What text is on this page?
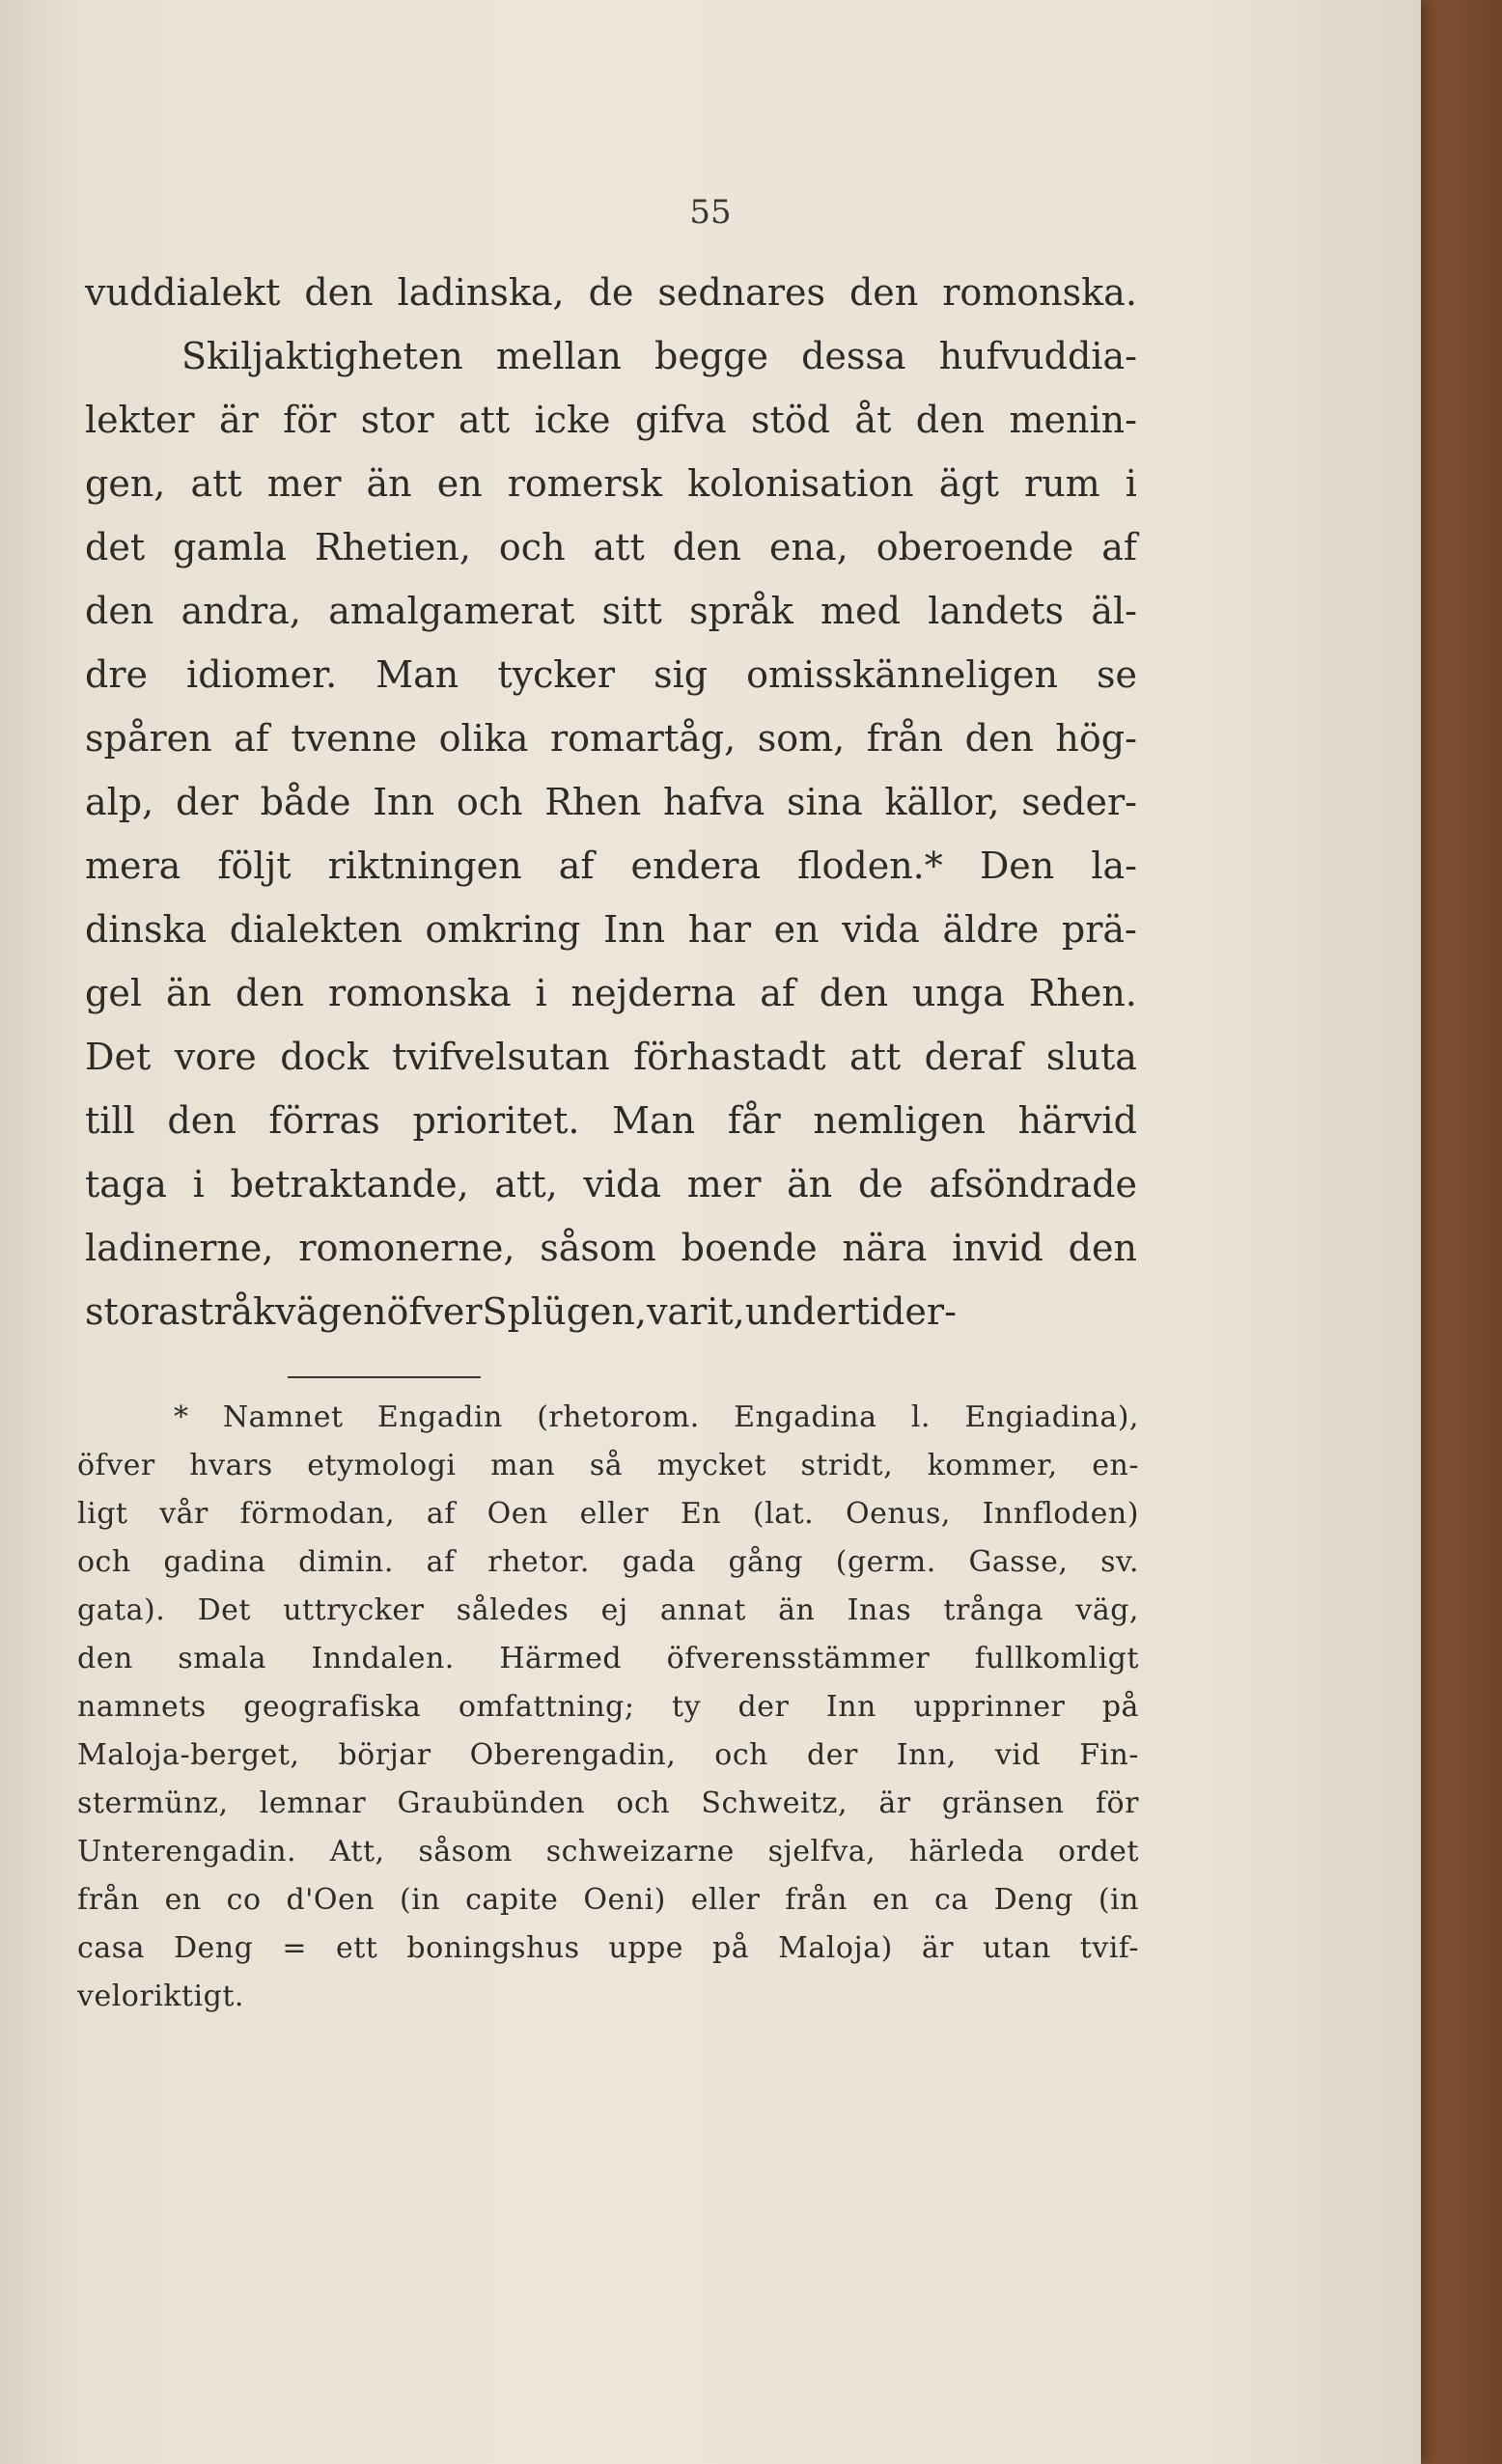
55
vuddialekt den ladinska, de sednares den romonska.
Skiljaktigheten mellan begge dessa hufvuddia-
lekter är för stor att icke gifva stöd åt den menin-
gen, att mer än en romersk kolonisation ägt rum i
det gamla Rhetien, och att den ena, oberoende af
den andra, amalgamerat sitt språk med landets äl-
dre idiomer. Man tycker sig omisskänneligen se
spåren af tvenne olika romartåg, som, från den hög-
alp, der både Inn och Rhen hafva sina källor, seder-
mera följt riktningen af endera floden.* Den la-
dinska dialekten omkring Inn har en vida äldre prä-
gel än den romonska i nejderna af den unga Rhen.
Det vore dock tvifvelsutan förhastadt att deraf sluta
till den förras prioritet. Man får nemligen härvid
taga i betraktande, att, vida mer än de afsöndrade
ladinerne, romonerne, såsom boende nära invid den
stora stråkvägen öfver Splügen, varit, under tider-
* Namnet Engadin (rhetorom. Engadina l. Engiadina),
öfver hvars etymologi man så mycket stridt, kommer, en-
ligt vår förmodan, af Oen eller En (lat. Oenus, Innfloden)
och gadina dimin. af rhetor. gada gång (germ. Gasse, sv.
gata). Det uttrycker således ej annat än Inas trånga väg,
den smala Inndalen. Härmed öfverensstämmer fullkomligt
namnets geografiska omfattning; ty der Inn upprinner på
Maloja-berget, börjar Oberengadin, och der Inn, vid Fin-
stermünz, lemnar Graubünden och Schweitz, är gränsen för
Unterengadin. Att, såsom schweizarne sjelfva, härleda ordet
från en co d'Oen (in capite Oeni) eller från en ca Deng (in
casa Deng = ett boningshus uppe på Maloja) är utan tvif-
vel oriktigt.
